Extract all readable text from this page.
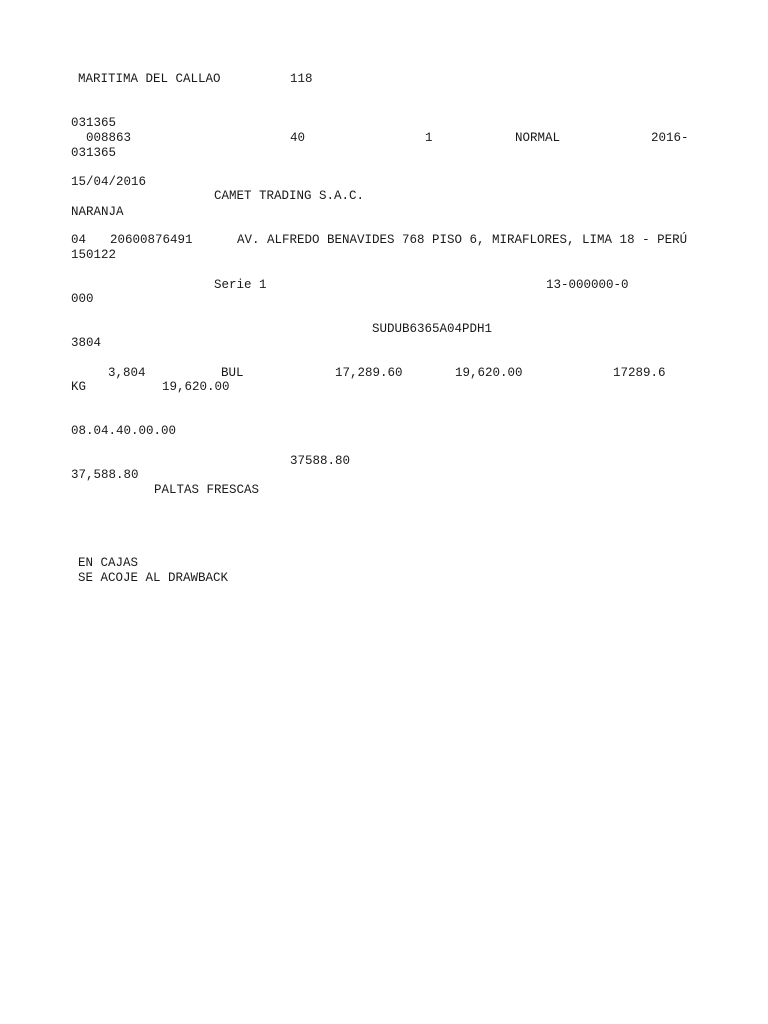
MARITIMA DEL CALLAO	118
031365
008863	40	1	NORMAL	2016-
031365
15/04/2016
CAMET TRADING S.A.C.
NARANJA
04 20600876491	AV. ALFREDO BENAVIDES 768 PISO 6, MIRAFLORES, LIMA 18 - PERÚ
150122
Serie 1	13-000000-0
000
SUDUB6365A04PDH1
3804
3,804	BUL	17,289.60	19,620.00	17289.6
KG	19,620.00
08.04.40.00.00
37588.80
37,588.80
PALTAS FRESCAS
EN CAJAS
SE ACOJE AL DRAWBACK
